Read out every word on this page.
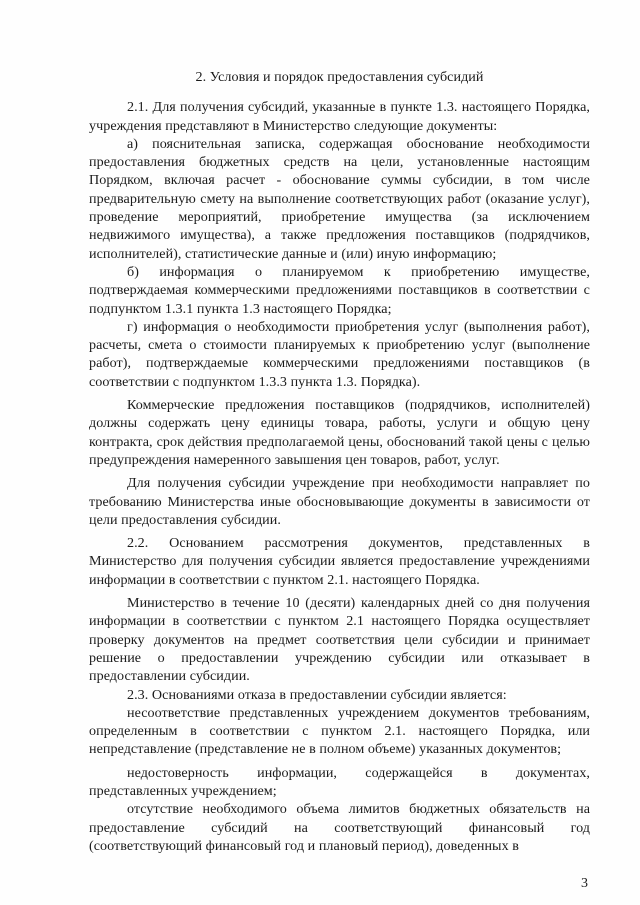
2. Условия и порядок предоставления субсидий

2.1. Для получения субсидий, указанные в пункте 1.3. настоящего Порядка, учреждения представляют в Министерство следующие документы:

а) пояснительная записка, содержащая обоснование необходимости предоставления бюджетных средств на цели, установленные настоящим Порядком, включая расчет - обоснование суммы субсидии, в том числе предварительную смету на выполнение соответствующих работ (оказание услуг), проведение мероприятий, приобретение имущества (за исключением недвижимого имущества), а также предложения поставщиков (подрядчиков, исполнителей), статистические данные и (или) иную информацию;

б) информация о планируемом к приобретению имуществе, подтверждаемая коммерческими предложениями поставщиков в соответствии с подпунктом 1.3.1 пункта 1.3 настоящего Порядка;

г) информация о необходимости приобретения услуг (выполнения работ), расчеты, смета о стоимости планируемых к приобретению услуг (выполнение работ), подтверждаемые коммерческими предложениями поставщиков (в соответствии с подпунктом 1.3.3 пункта 1.3. Порядка).

Коммерческие предложения поставщиков (подрядчиков, исполнителей) должны содержать цену единицы товара, работы, услуги и общую цену контракта, срок действия предполагаемой цены, обоснований такой цены с целью предупреждения намеренного завышения цен товаров, работ, услуг.

Для получения субсидии учреждение при необходимости направляет по требованию Министерства иные обосновывающие документы в зависимости от цели предоставления субсидии.

2.2. Основанием рассмотрения документов, представленных в Министерство для получения субсидии является предоставление учреждениями информации в соответствии с пунктом 2.1. настоящего Порядка.

Министерство в течение 10 (десяти) календарных дней со дня получения информации в соответствии с пунктом 2.1 настоящего Порядка осуществляет проверку документов на предмет соответствия цели субсидии и принимает решение о предоставлении учреждению субсидии или отказывает в предоставлении субсидии.

2.3. Основаниями отказа в предоставлении субсидии является:

несоответствие представленных учреждением документов требованиям, определенным в соответствии с пунктом 2.1. настоящего Порядка, или непредставление (представление не в полном объеме) указанных документов;

недостоверность информации, содержащейся в документах, представленных учреждением;

отсутствие необходимого объема лимитов бюджетных обязательств на предоставление субсидий на соответствующий финансовый год (соответствующий финансовый год и плановый период), доведенных в

3
